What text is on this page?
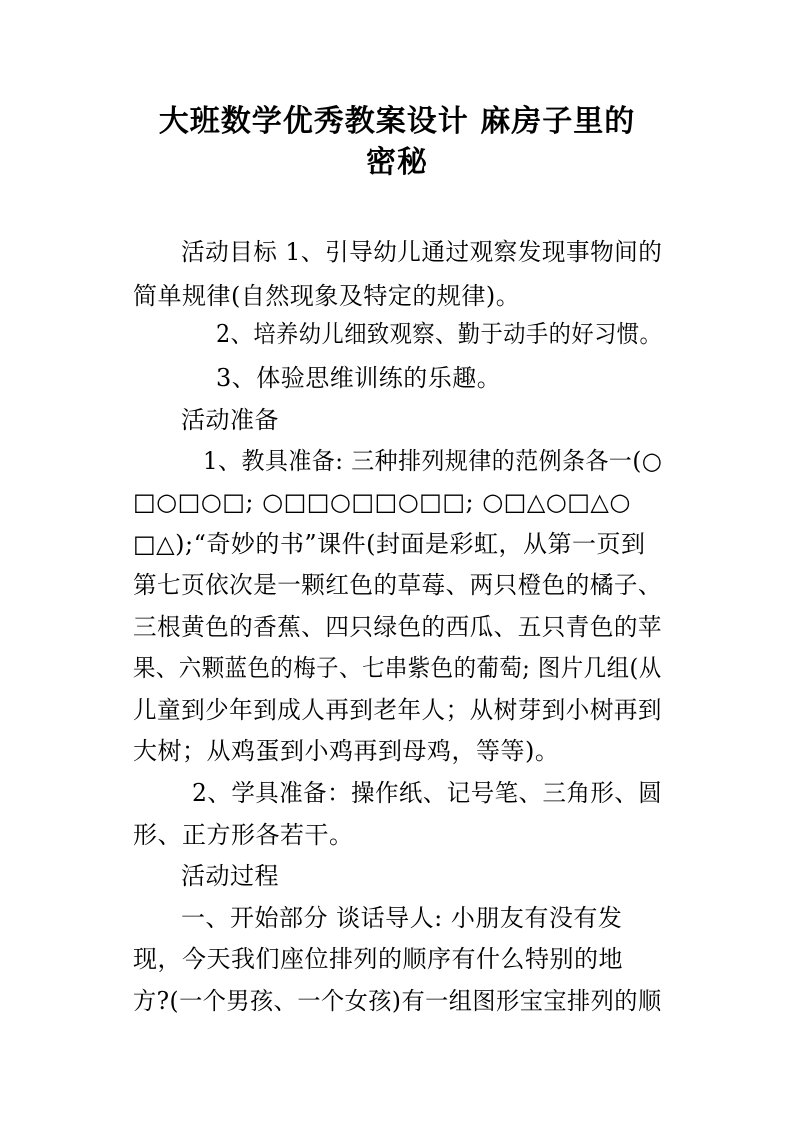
大班数学优秀教案设计 麻房子里的
密秘
活动目标 1、引导幼儿通过观察发现事物间的
简单规律(自然现象及特定的规律)。
2、培养幼儿细致观察、勤于动手的好习惯。
3、体验思维训练的乐趣。
活动准备
1、教具准备: 三种排列规律的范例条各一(○
□○□○□; ○□□○□□○□□; ○□△○□△○
□△);“奇妙的书”课件(封面是彩虹，从第一页到
第七页依次是一颗红色的草莓、两只橙色的橘子、
三根黄色的香蕉、四只绿色的西瓜、五只青色的苹
果、六颗蓝色的梅子、七串紫色的葡萄; 图片几组(从
儿童到少年到成人再到老年人；从树芽到小树再到
大树；从鸡蛋到小鸡再到母鸡，等等)。
2、学具准备：操作纸、记号笔、三角形、圆
形、正方形各若干。
活动过程
一、开始部分 谈话导人: 小朋友有没有发
现，今天我们座位排列的顺序有什么特别的地
方?(一个男孩、一个女孩)有一组图形宝宝排列的顺
